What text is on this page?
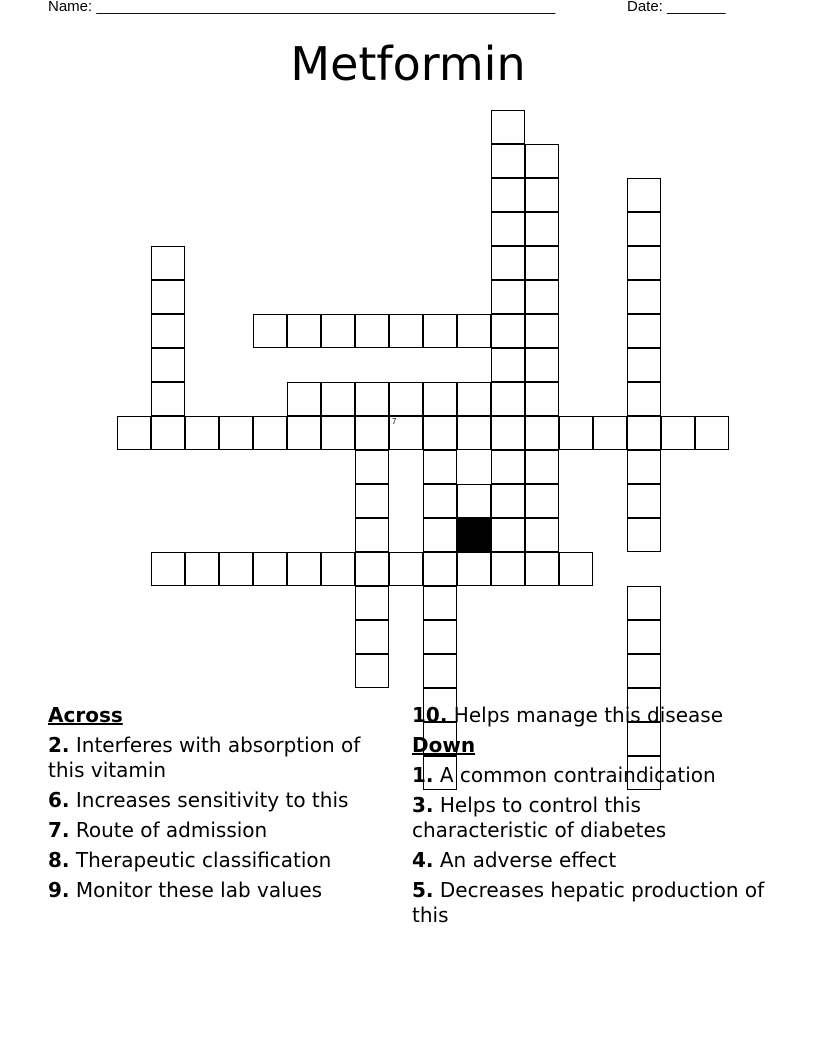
Name: _______________________________________________________	Date: _______
Metformin
7
Across
2. Interferes with absorption of this vitamin
6. Increases sensitivity to this
7. Route of admission
8. Therapeutic classification
9. Monitor these lab values
10. Helps manage this disease
Down
1. A common contraindication
3. Helps to control this characteristic of diabetes
4. An adverse effect
5. Decreases hepatic production of this
